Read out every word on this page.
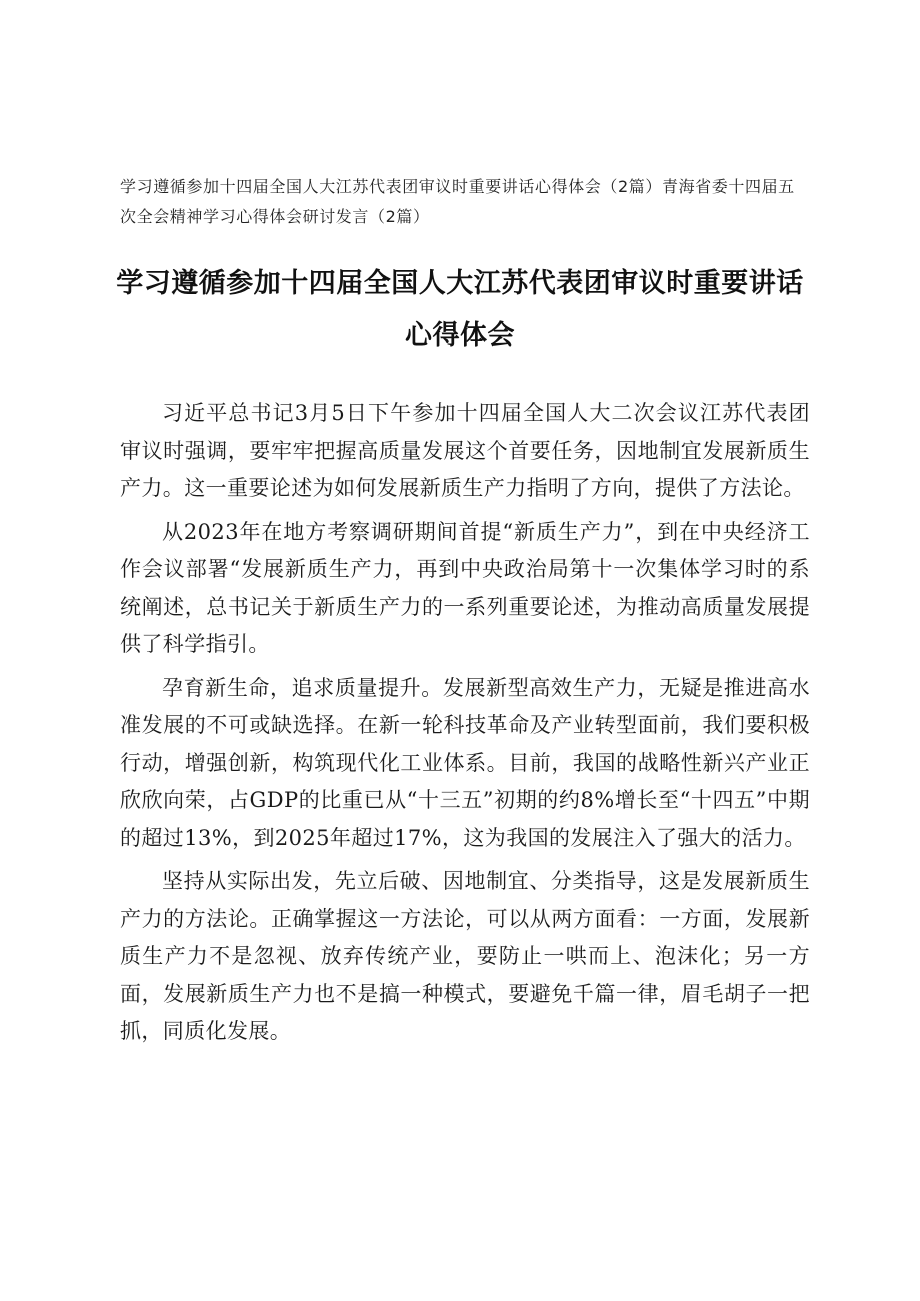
学习遵循参加十四届全国人大江苏代表团审议时重要讲话心得体会（2篇）青海省委十四届五次全会精神学习心得体会研讨发言（2篇）
学习遵循参加十四届全国人大江苏代表团审议时重要讲话心得体会

习近平总书记3月5日下午参加十四届全国人大二次会议江苏代表团审议时强调，要牢牢把握高质量发展这个首要任务，因地制宜发展新质生产力。这一重要论述为如何发展新质生产力指明了方向，提供了方法论。

从2023年在地方考察调研期间首提“新质生产力”，到在中央经济工作会议部署“发展新质生产力，再到中央政治局第十一次集体学习时的系统阐述，总书记关于新质生产力的一系列重要论述，为推动高质量发展提供了科学指引。

孕育新生命，追求质量提升。发展新型高效生产力，无疑是推进高水准发展的不可或缺选择。在新一轮科技革命及产业转型面前，我们要积极行动，增强创新，构筑现代化工业体系。目前，我国的战略性新兴产业正欣欣向荣，占GDP的比重已从“十三五”初期的约8%增长至“十四五”中期的超过13%，到2025年超过17%，这为我国的发展注入了强大的活力。

坚持从实际出发，先立后破、因地制宜、分类指导，这是发展新质生产力的方法论。正确掌握这一方法论，可以从两方面看：一方面，发展新质生产力不是忽视、放弃传统产业，要防止一哄而上、泡沫化；另一方面，发展新质生产力也不是搞一种模式，要避免千篇一律，眉毛胡子一把抓，同质化发展。
